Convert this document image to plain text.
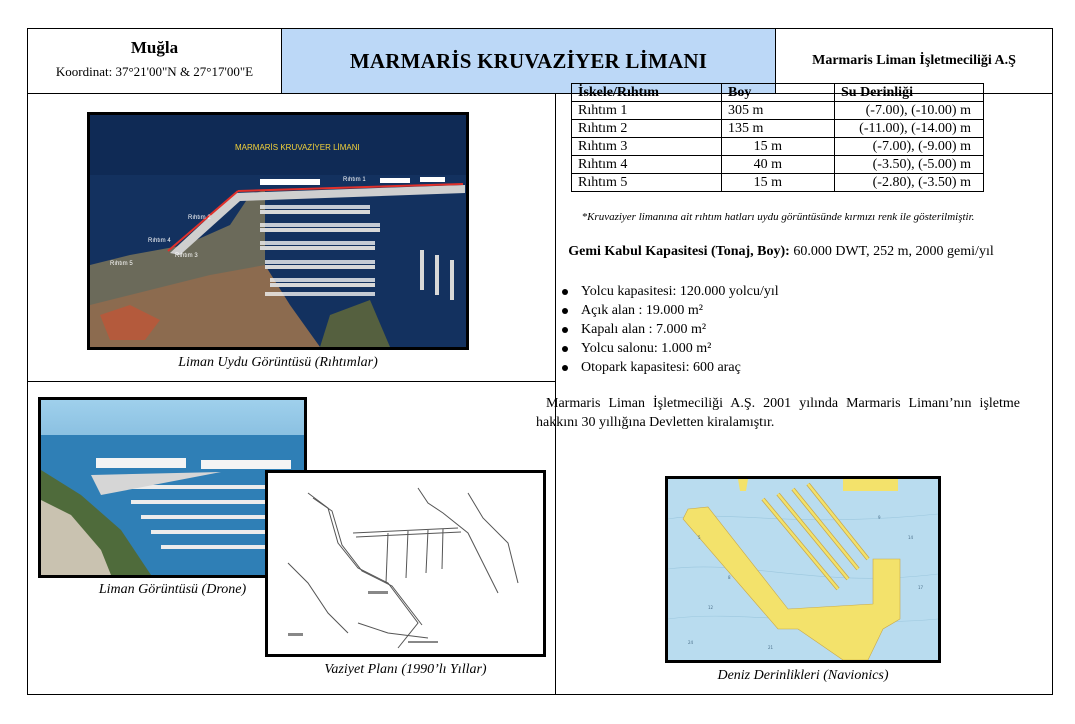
Muğla
Koordinat: 37°21'00"N & 27°17'00"E	MARMARİS KRUVAZİYER LİMANI	Marmaris Liman İşletmeciliği A.Ş
MARMARİS KRUVAZİYER LİMANI
Rıhtım 1
Rıhtım 2
Rıhtım 3
Rıhtım 4
Rıhtım 5
Liman Uydu Görüntüsü (Rıhtımlar)
Liman Görüntüsü (Drone)
Vaziyet Planı (1990’lı Yıllar)
İskele/Rıhtım	Boy	Su Derinliği
Rıhtım 1	305 m	(-7.00), (-10.00) m
Rıhtım 2	135 m	(-11.00), (-14.00) m
Rıhtım 3	15 m	(-7.00), (-9.00) m
Rıhtım 4	40 m	(-3.50), (-5.00) m
Rıhtım 5	15 m	(-2.80), (-3.50) m
*Kruvaziyer limanına ait rıhtım hatları uydu görüntüsünde kırmızı renk ile gösterilmiştir.
Gemi Kabul Kapasitesi (Tonaj, Boy): 60.000 DWT, 252 m, 2000 gemi/yıl
Yolcu kapasitesi: 120.000 yolcu/yıl
Açık alan : 19.000 m²
Kapalı alan : 7.000 m²
Yolcu salonu: 1.000 m²
Otopark kapasitesi: 600 araç
Marmaris Liman İşletmeciliği A.Ş. 2001 yılında Marmaris Limanı’nın işletme hakkını 30 yıllığına Devletten kiralamıştır.
5
8
12
9
14
17
21
24
Deniz Derinlikleri (Navionics)
